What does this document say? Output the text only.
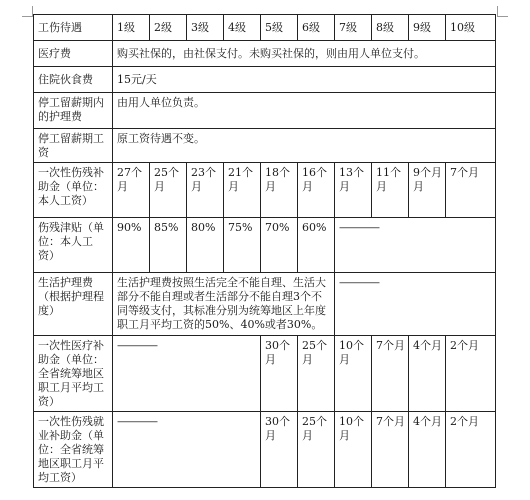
工伤待遇	1级	2级	3级	4级	5级	6级	7级	8级	9级	10级
医疗费	购买社保的，由社保支付。未购买社保的，则由用人单位支付。									
住院伙食费	15元/天									
停工留薪期内的护理费	由用人单位负责。									
停工留薪期工资	原工资待遇不变。									
一次性伤残补助金（单位：本人工资）	27个月	25个月	23个月	21个月	18个月	16个月	13个月	11个月	9个月月	7个月
伤残津贴（单位：本人工资）	90%	85%	80%	75%	70%	60%	————			
生活护理费（根据护理程度）	生活护理费按照生活完全不能自理、生活大部分不能自理或者生活部分不能自理3个不同等级支付，其标准分别为统筹地区上年度职工月平均工资的50%、40%或者30%。						————			
一次性医疗补助金（单位：全省统筹地区职工月平均工资）	————				30个月	25个月	10个月	7个月	4个月	2个月
一次性伤残就业补助金（单位：全省统筹地区职工月平均工资）	————				30个月	25个月	10个月	7个月	4个月	2个月
